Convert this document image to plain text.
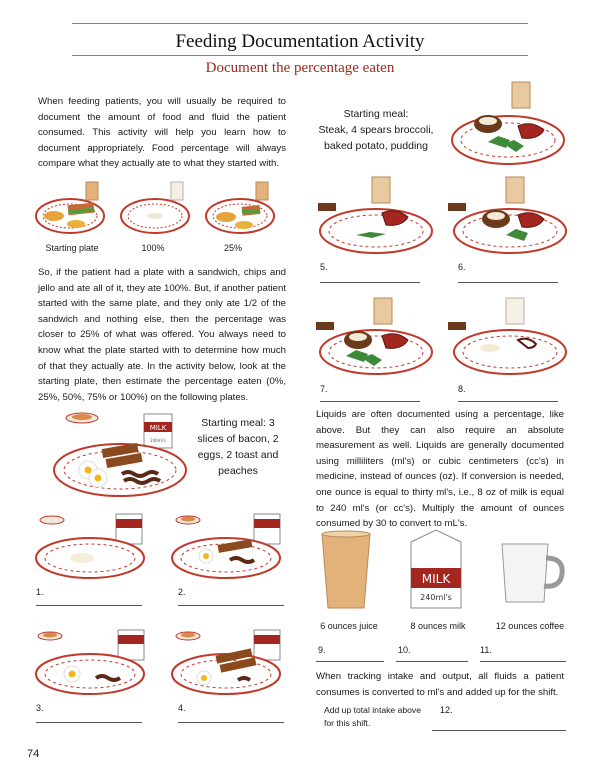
Feeding Documentation Activity
Document the percentage eaten
When feeding patients, you will usually be required to document the amount of food and fluid the patient consumed. This activity will help you learn how to document appropriately. Food percentage will always compare what they actually ate to what they started with.
Starting plate	100%	25%
So, if the patient had a plate with a sandwich, chips and jello and ate all of it, they ate 100%. But, if another patient started with the same plate, and they only ate 1/2 of the sandwich and nothing else, then the percentage was closer to 25% of what was offered. You always need to know what the plate started with to determine how much of that they actually ate. In the activity below, look at the starting plate, then estimate the percentage eaten (0%, 25%, 50%, 75% or 100%) on the following plates.
MILK
240ml's
Starting meal: 3 slices of bacon, 2 eggs, 2 toast and peaches
1.	2.
3.	4.
Starting meal:
Steak, 4 spears broccoli,
baked potato, pudding
5.	6.
7.	8.
Liquids are often documented using a percentage, like above. But they can also require an absolute measurement as well. Liquids are generally documented using milliliters (ml's) or cubic centimeters (cc's) in medicine, instead of ounces (oz). If conversion is needed, one ounce is equal to thirty ml's, i.e., 8 oz of milk is equal to 240 ml's (or cc's). Multiply the amount of ounces consumed by 30 to convert to mL's.
MILK
240ml's
6 ounces juice	8 ounces milk	12 ounces coffee
9.	10.	11.
When tracking intake and output, all fluids a patient consumes is converted to ml's and added up for the shift.
Add up total intake above for this shift.
12.
74
